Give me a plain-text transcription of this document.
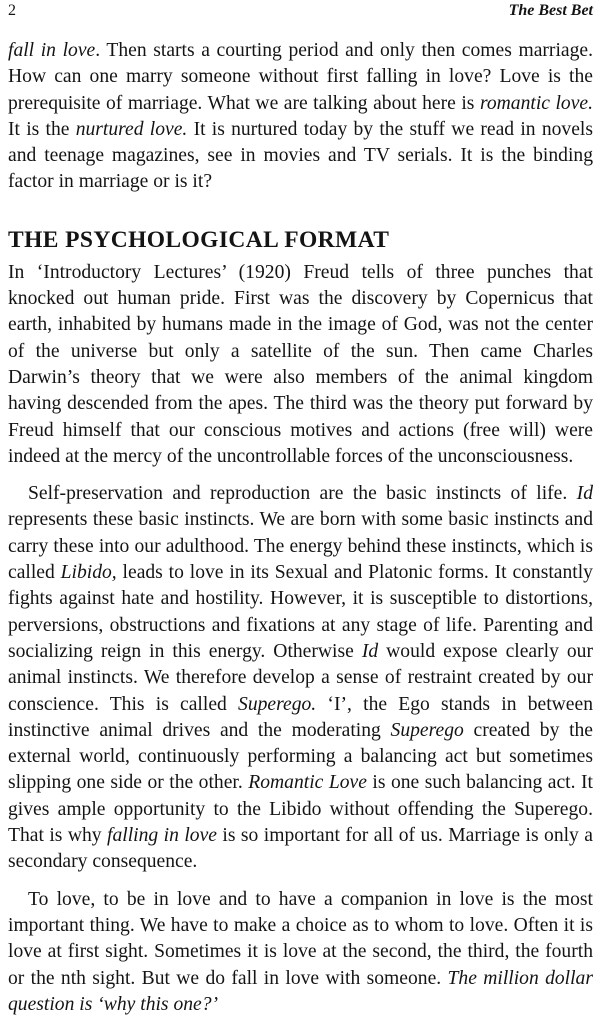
2	The Best Bet

fall in love. Then starts a courting period and only then comes marriage. How can one marry someone without first falling in love? Love is the prerequisite of marriage. What we are talking about here is romantic love. It is the nurtured love. It is nurtured today by the stuff we read in novels and teenage magazines, see in movies and TV serials. It is the binding factor in marriage or is it?

THE PSYCHOLOGICAL FORMAT

In ‘Introductory Lectures’ (1920) Freud tells of three punches that knocked out human pride. First was the discovery by Copernicus that earth, inhabited by humans made in the image of God, was not the center of the universe but only a satellite of the sun. Then came Charles Darwin’s theory that we were also members of the animal kingdom having descended from the apes. The third was the theory put forward by Freud himself that our conscious motives and actions (free will) were indeed at the mercy of the uncontrollable forces of the unconsciousness.

Self-preservation and reproduction are the basic instincts of life. Id represents these basic instincts. We are born with some basic instincts and carry these into our adulthood. The energy behind these instincts, which is called Libido, leads to love in its Sexual and Platonic forms. It constantly fights against hate and hostility. However, it is susceptible to distortions, perversions, obstructions and fixations at any stage of life. Parenting and socializing reign in this energy. Otherwise Id would expose clearly our animal instincts. We therefore develop a sense of restraint created by our conscience. This is called Superego. ‘I’, the Ego stands in between instinctive animal drives and the moderating Superego created by the external world, continuously performing a balancing act but sometimes slipping one side or the other. Romantic Love is one such balancing act. It gives ample opportunity to the Libido without offending the Superego. That is why falling in love is so important for all of us. Marriage is only a secondary consequence.

To love, to be in love and to have a companion in love is the most important thing. We have to make a choice as to whom to love. Often it is love at first sight. Sometimes it is love at the second, the third, the fourth or the nth sight. But we do fall in love with someone. The million dollar question is ‘why this one?’
